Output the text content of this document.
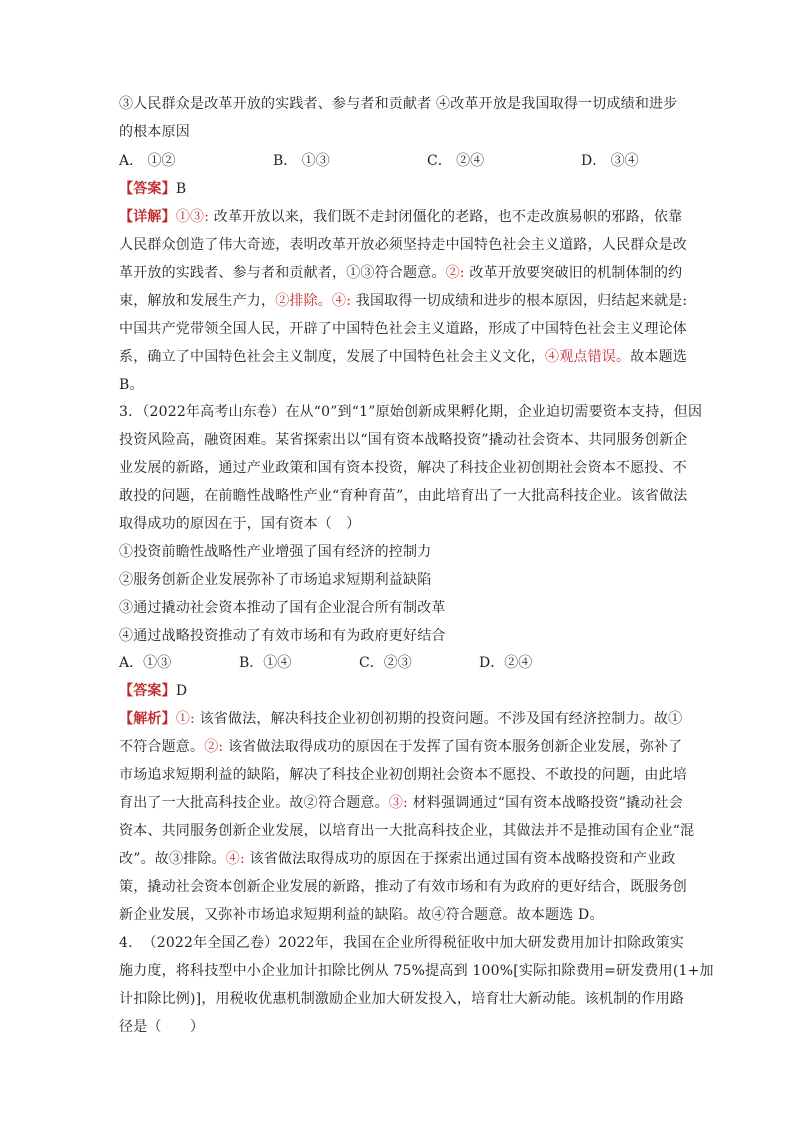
③人民群众是改革开放的实践者、参与者和贡献者 ④改革开放是我国取得一切成绩和进步
的根本原因
A． ①②	B． ①③	C． ②④	D． ③④
【答案】B
【详解】①③: 改革开放以来，我们既不走封闭僵化的老路，也不走改旗易帜的邪路，依靠
人民群众创造了伟大奇迹，表明改革开放必须坚持走中国特色社会主义道路，人民群众是改
革开放的实践者、参与者和贡献者，①③符合题意。②: 改革开放要突破旧的机制体制的约
束，解放和发展生产力，②排除。④: 我国取得一切成绩和进步的根本原因，归结起来就是:
中国共产党带领全国人民，开辟了中国特色社会主义道路，形成了中国特色社会主义理论体
系，确立了中国特色社会主义制度，发展了中国特色社会主义文化，④观点错误。故本题选
B。
3．（2022年高考山东卷）在从“0”到“1”原始创新成果孵化期，企业迫切需要资本支持，但因
投资风险高，融资困难。某省探索出以“国有资本战略投资”撬动社会资本、共同服务创新企
业发展的新路，通过产业政策和国有资本投资，解决了科技企业初创期社会资本不愿投、不
敢投的问题，在前瞻性战略性产业“育种育苗”，由此培育出了一大批高科技企业。该省做法
取得成功的原因在于，国有资本（　）
①投资前瞻性战略性产业增强了国有经济的控制力
②服务创新企业发展弥补了市场追求短期利益缺陷
③通过撬动社会资本推动了国有企业混合所有制改革
④通过战略投资推动了有效市场和有为政府更好结合
A．①③	B．①④	C．②③	D．②④
【答案】D
【解析】①: 该省做法，解决科技企业初创初期的投资问题。不涉及国有经济控制力。故①
不符合题意。②: 该省做法取得成功的原因在于发挥了国有资本服务创新企业发展，弥补了
市场追求短期利益的缺陷，解决了科技企业初创期社会资本不愿投、不敢投的问题，由此培
育出了一大批高科技企业。故②符合题意。③: 材料强调通过“国有资本战略投资”撬动社会
资本、共同服务创新企业发展，以培育出一大批高科技企业，其做法并不是推动国有企业“混
改”。故③排除。④: 该省做法取得成功的原因在于探索出通过国有资本战略投资和产业政
策，撬动社会资本创新企业发展的新路，推动了有效市场和有为政府的更好结合，既服务创
新企业发展，又弥补市场追求短期利益的缺陷。故④符合题意。故本题选 D。
4．　（2022年全国乙卷）2022年，我国在企业所得税征收中加大研发费用加计扣除政策实
施力度，将科技型中小企业加计扣除比例从 75%提高到 100%[实际扣除费用=研发费用(1+加
计扣除比例)]，用税收优惠机制激励企业加大研发投入，培育壮大新动能。该机制的作用路
径是（　　）
